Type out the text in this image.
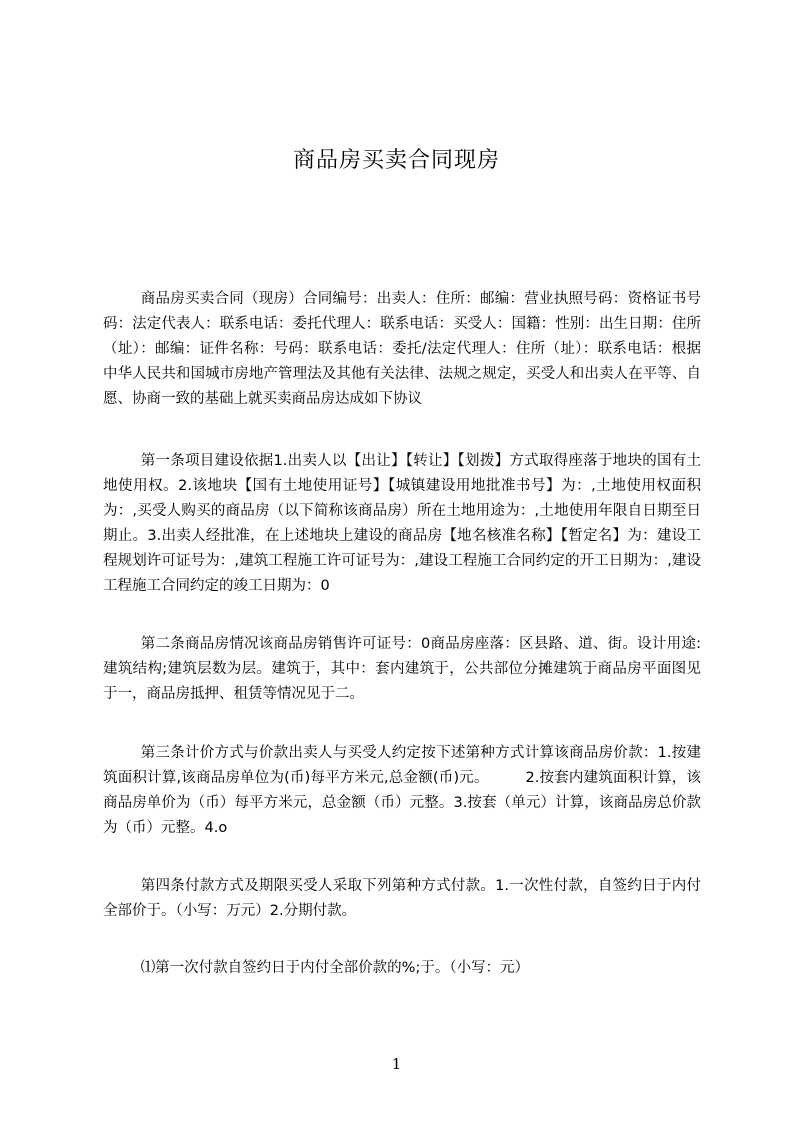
商品房买卖合同现房

商品房买卖合同（现房）合同编号：出卖人：住所：邮编：营业执照号码：资格证书号码：法定代表人：联系电话：委托代理人：联系电话：买受人：国籍：性别：出生日期：住所（址）：邮编：证件名称：号码：联系电话：委托/法定代理人：住所（址）：联系电话：根据中华人民共和国城市房地产管理法及其他有关法律、法规之规定，买受人和出卖人在平等、自愿、协商一致的基础上就买卖商品房达成如下协议

第一条项目建设依据1.出卖人以【出让】【转让】【划拨】方式取得座落于地块的国有土地使用权。2.该地块【国有土地使用证号】【城镇建设用地批准书号】为：,土地使用权面积为：,买受人购买的商品房（以下简称该商品房）所在土地用途为：,土地使用年限自日期至日期止。3.出卖人经批准，在上述地块上建设的商品房【地名核准名称】【暂定名】为：建设工程规划许可证号为：,建筑工程施工许可证号为：,建设工程施工合同约定的开工日期为：,建设工程施工合同约定的竣工日期为：0

第二条商品房情况该商品房销售许可证号：0商品房座落：区县路、道、街。设计用途:建筑结构;建筑层数为层。建筑于，其中：套内建筑于，公共部位分摊建筑于商品房平面图见于一，商品房抵押、租赁等情况见于二。

第三条计价方式与价款出卖人与买受人约定按下述第种方式计算该商品房价款：1.按建筑面积计算,该商品房单位为(币)每平方米元,总金额(币)元。　　　2.按套内建筑面积计算，该商品房单价为（币）每平方米元，总金额（币）元整。3.按套（单元）计算，该商品房总价款为（币）元整。4.o

第四条付款方式及期限买受人采取下列第种方式付款。1.一次性付款，自签约日于内付全部价于。（小写：万元）2.分期付款。

⑴第一次付款自签约日于内付全部价款的%;于。（小写：元）

1
